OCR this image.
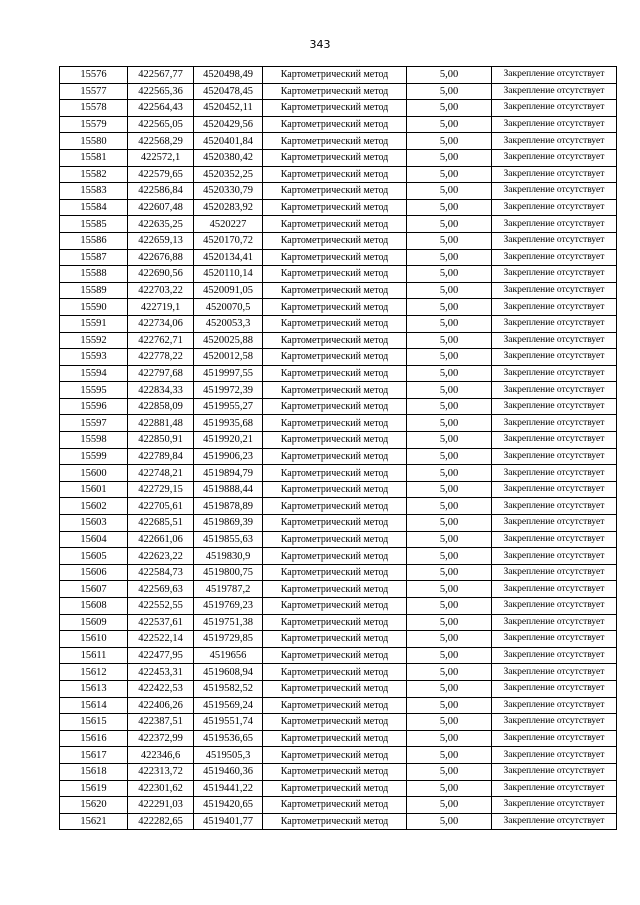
343
15576	422567,77	4520498,49	Картометрический метод	5,00	Закрепление отсутствует
15577	422565,36	4520478,45	Картометрический метод	5,00	Закрепление отсутствует
15578	422564,43	4520452,11	Картометрический метод	5,00	Закрепление отсутствует
15579	422565,05	4520429,56	Картометрический метод	5,00	Закрепление отсутствует
15580	422568,29	4520401,84	Картометрический метод	5,00	Закрепление отсутствует
15581	422572,1	4520380,42	Картометрический метод	5,00	Закрепление отсутствует
15582	422579,65	4520352,25	Картометрический метод	5,00	Закрепление отсутствует
15583	422586,84	4520330,79	Картометрический метод	5,00	Закрепление отсутствует
15584	422607,48	4520283,92	Картометрический метод	5,00	Закрепление отсутствует
15585	422635,25	4520227	Картометрический метод	5,00	Закрепление отсутствует
15586	422659,13	4520170,72	Картометрический метод	5,00	Закрепление отсутствует
15587	422676,88	4520134,41	Картометрический метод	5,00	Закрепление отсутствует
15588	422690,56	4520110,14	Картометрический метод	5,00	Закрепление отсутствует
15589	422703,22	4520091,05	Картометрический метод	5,00	Закрепление отсутствует
15590	422719,1	4520070,5	Картометрический метод	5,00	Закрепление отсутствует
15591	422734,06	4520053,3	Картометрический метод	5,00	Закрепление отсутствует
15592	422762,71	4520025,88	Картометрический метод	5,00	Закрепление отсутствует
15593	422778,22	4520012,58	Картометрический метод	5,00	Закрепление отсутствует
15594	422797,68	4519997,55	Картометрический метод	5,00	Закрепление отсутствует
15595	422834,33	4519972,39	Картометрический метод	5,00	Закрепление отсутствует
15596	422858,09	4519955,27	Картометрический метод	5,00	Закрепление отсутствует
15597	422881,48	4519935,68	Картометрический метод	5,00	Закрепление отсутствует
15598	422850,91	4519920,21	Картометрический метод	5,00	Закрепление отсутствует
15599	422789,84	4519906,23	Картометрический метод	5,00	Закрепление отсутствует
15600	422748,21	4519894,79	Картометрический метод	5,00	Закрепление отсутствует
15601	422729,15	4519888,44	Картометрический метод	5,00	Закрепление отсутствует
15602	422705,61	4519878,89	Картометрический метод	5,00	Закрепление отсутствует
15603	422685,51	4519869,39	Картометрический метод	5,00	Закрепление отсутствует
15604	422661,06	4519855,63	Картометрический метод	5,00	Закрепление отсутствует
15605	422623,22	4519830,9	Картометрический метод	5,00	Закрепление отсутствует
15606	422584,73	4519800,75	Картометрический метод	5,00	Закрепление отсутствует
15607	422569,63	4519787,2	Картометрический метод	5,00	Закрепление отсутствует
15608	422552,55	4519769,23	Картометрический метод	5,00	Закрепление отсутствует
15609	422537,61	4519751,38	Картометрический метод	5,00	Закрепление отсутствует
15610	422522,14	4519729,85	Картометрический метод	5,00	Закрепление отсутствует
15611	422477,95	4519656	Картометрический метод	5,00	Закрепление отсутствует
15612	422453,31	4519608,94	Картометрический метод	5,00	Закрепление отсутствует
15613	422422,53	4519582,52	Картометрический метод	5,00	Закрепление отсутствует
15614	422406,26	4519569,24	Картометрический метод	5,00	Закрепление отсутствует
15615	422387,51	4519551,74	Картометрический метод	5,00	Закрепление отсутствует
15616	422372,99	4519536,65	Картометрический метод	5,00	Закрепление отсутствует
15617	422346,6	4519505,3	Картометрический метод	5,00	Закрепление отсутствует
15618	422313,72	4519460,36	Картометрический метод	5,00	Закрепление отсутствует
15619	422301,62	4519441,22	Картометрический метод	5,00	Закрепление отсутствует
15620	422291,03	4519420,65	Картометрический метод	5,00	Закрепление отсутствует
15621	422282,65	4519401,77	Картометрический метод	5,00	Закрепление отсутствует
